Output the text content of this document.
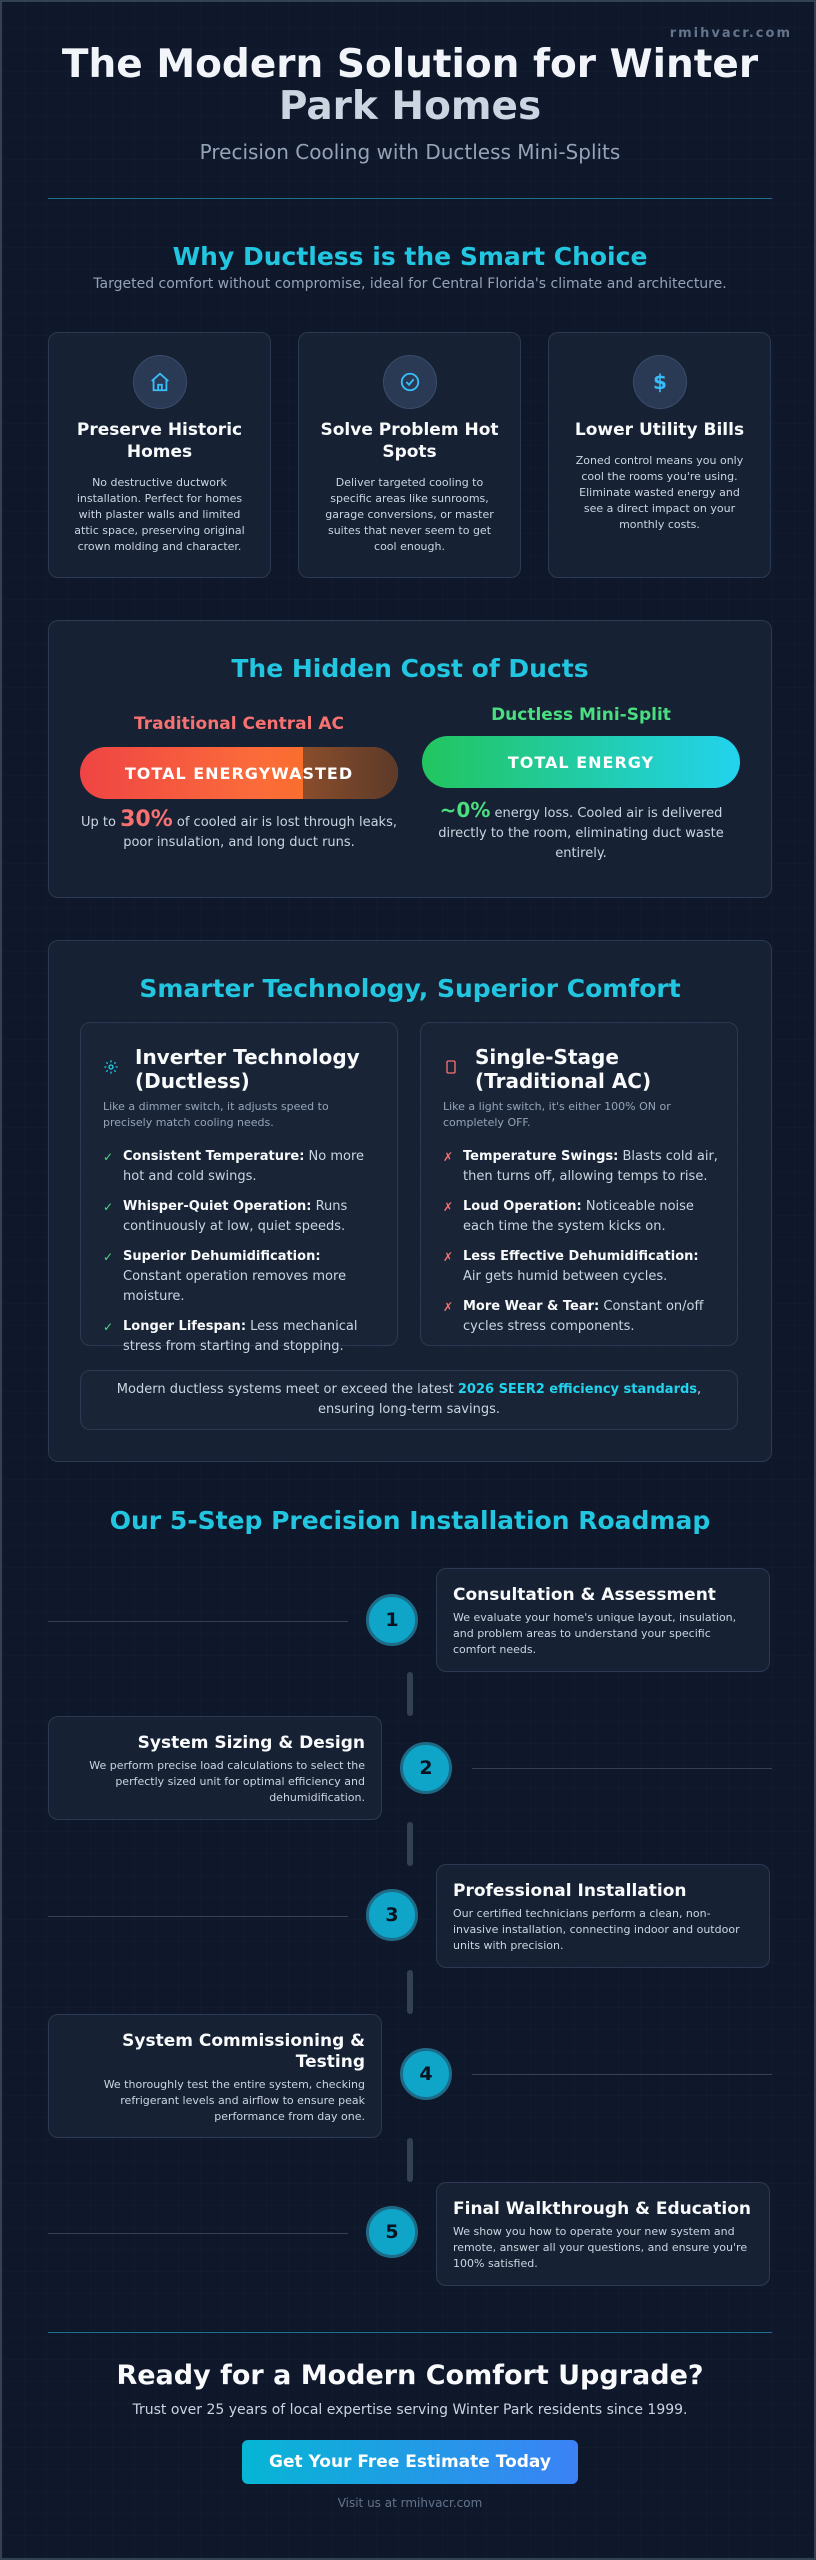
rmihvacr.com
The Modern Solution for Winter
Park Homes
Precision Cooling with Ductless Mini-Splits
Why Ductless is the Smart Choice
Targeted comfort without compromise, ideal for Central Florida's climate and architecture.
Preserve Historic Homes
No destructive ductwork installation. Perfect for homes with plaster walls and limited attic space, preserving original crown molding and character.
Solve Problem Hot Spots
Deliver targeted cooling to specific areas like sunrooms, garage conversions, or master suites that never seem to get cool enough.
$
Lower Utility Bills
Zoned control means you only cool the rooms you're using. Eliminate wasted energy and see a direct impact on your monthly costs.
The Hidden Cost of Ducts
Traditional Central AC
TOTAL ENERGY WASTED
Up to 30% of cooled air is lost through leaks, poor insulation, and long duct runs.
Ductless Mini-Split
TOTAL ENERGY
~0% energy loss. Cooled air is delivered directly to the room, eliminating duct waste entirely.
Smarter Technology, Superior Comfort
Inverter Technology (Ductless)
Like a dimmer switch, it adjusts speed to precisely match cooling needs.
✓ Consistent Temperature: No more hot and cold swings.
✓ Whisper-Quiet Operation: Runs continuously at low, quiet speeds.
✓ Superior Dehumidification: Constant operation removes more moisture.
✓ Longer Lifespan: Less mechanical stress from starting and stopping.
Single-Stage (Traditional AC)
Like a light switch, it's either 100% ON or completely OFF.
✗ Temperature Swings: Blasts cold air, then turns off, allowing temps to rise.
✗ Loud Operation: Noticeable noise each time the system kicks on.
✗ Less Effective Dehumidification: Air gets humid between cycles.
✗ More Wear & Tear: Constant on/off cycles stress components.
Modern ductless systems meet or exceed the latest 2026 SEER2 efficiency standards, ensuring long-term savings.
Our 5-Step Precision Installation Roadmap
1
Consultation & Assessment
We evaluate your home's unique layout, insulation, and problem areas to understand your specific comfort needs.
System Sizing & Design
We perform precise load calculations to select the perfectly sized unit for optimal efficiency and dehumidification.
2
3
Professional Installation
Our certified technicians perform a clean, non-invasive installation, connecting indoor and outdoor units with precision.
System Commissioning & Testing
We thoroughly test the entire system, checking refrigerant levels and airflow to ensure peak performance from day one.
4
5
Final Walkthrough & Education
We show you how to operate your new system and remote, answer all your questions, and ensure you're 100% satisfied.
Ready for a Modern Comfort Upgrade?
Trust over 25 years of local expertise serving Winter Park residents since 1999.
Get Your Free Estimate Today
Visit us at rmihvacr.com
